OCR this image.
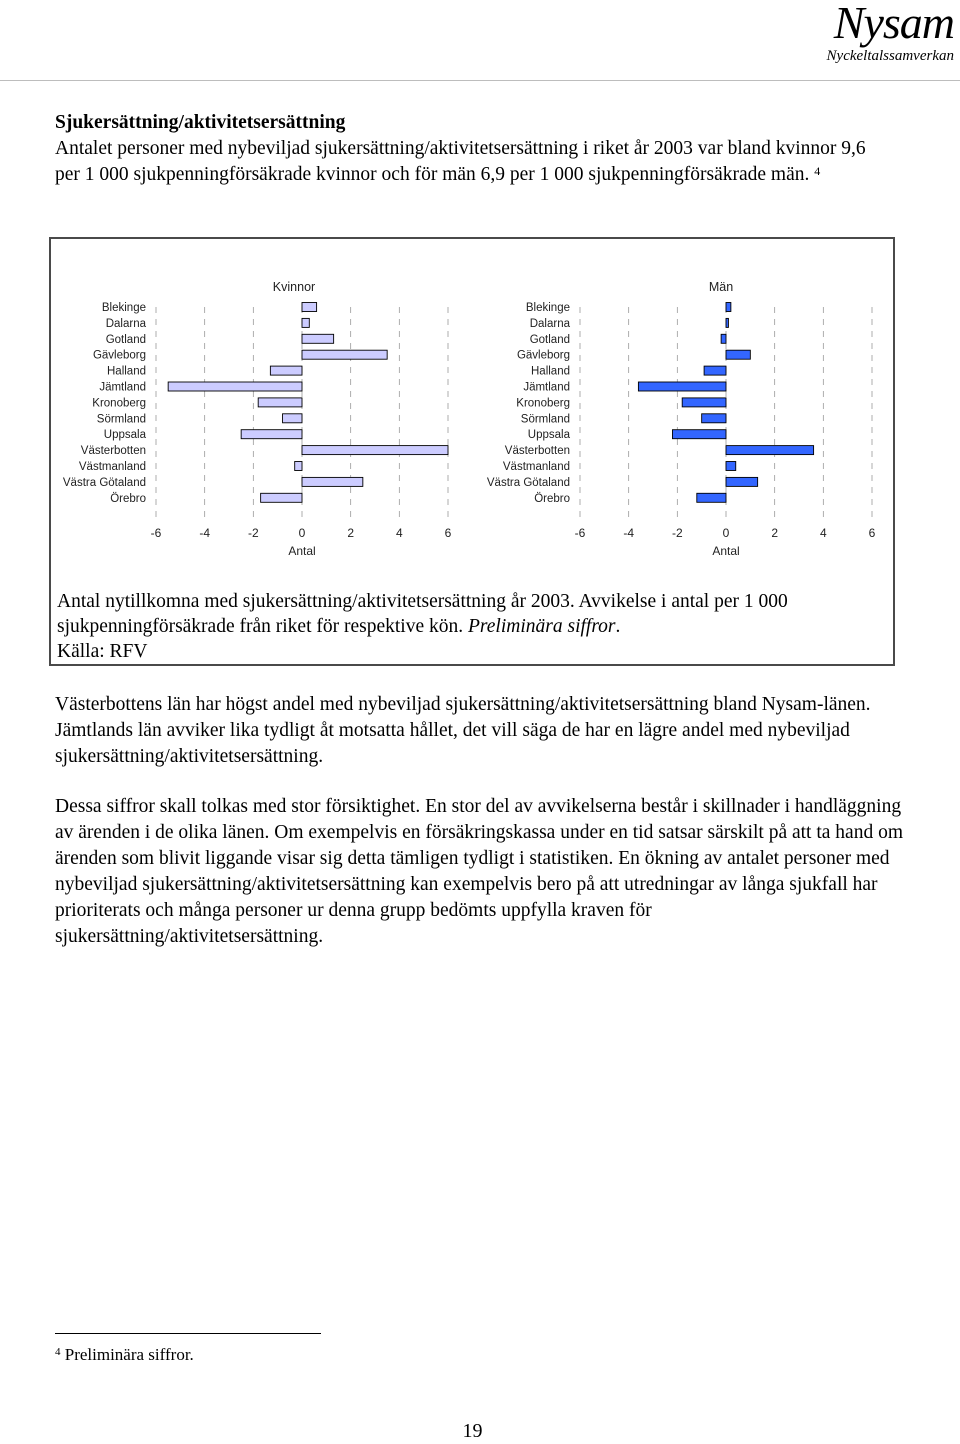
Nysam
Nyckeltalssamverkan
Sjukersättning/aktivitetsersättning

Antalet personer med nybeviljad sjukersättning/aktivitetsersättning i riket år 2003 var bland kvinnor 9,6 per 1 000 sjukpenningförsäkrade kvinnor och för män 6,9 per 1 000 sjukpenningförsäkrade män. $^4$

Kvinnor
-6	-4	-2	0	2	4	6
Antal
Blekinge
Dalarna
Gotland
Gävleborg
Halland
Jämtland
Kronoberg
Sörmland
Uppsala
Västerbotten
Västmanland
Västra Götaland
Örebro
Män
-6	-4	-2	0	2	4	6
Antal
Blekinge
Dalarna
Gotland
Gävleborg
Halland
Jämtland
Kronoberg
Sörmland
Uppsala
Västerbotten
Västmanland
Västra Götaland
Örebro
Antal nytillkomna med sjukersättning/aktivitetsersättning år 2003. Avvikelse i antal per 1 000 sjukpenningförsäkrade från riket för respektive kön. Preliminära siffror.
Källa: RFV

Västerbottens län har högst andel med nybeviljad sjukersättning/aktivitetsersättning bland Nysam-länen. Jämtlands län avviker lika tydligt åt motsatta hållet, det vill säga de har en lägre andel med nybeviljad sjukersättning/aktivitetsersättning.

Dessa siffror skall tolkas med stor försiktighet. En stor del av avvikelserna består i skillnader i handläggning av ärenden i de olika länen. Om exempelvis en försäkringskassa under en tid satsar särskilt på att ta hand om ärenden som blivit liggande visar sig detta tämligen tydligt i statistiken. En ökning av antalet personer med nybeviljad sjukersättning/aktivitetsersättning kan exempelvis bero på att utredningar av långa sjukfall har prioriterats och många personer ur denna grupp bedömts uppfylla kraven för sjukersättning/aktivitetsersättning.

$^4$ Preliminära siffror.
19
